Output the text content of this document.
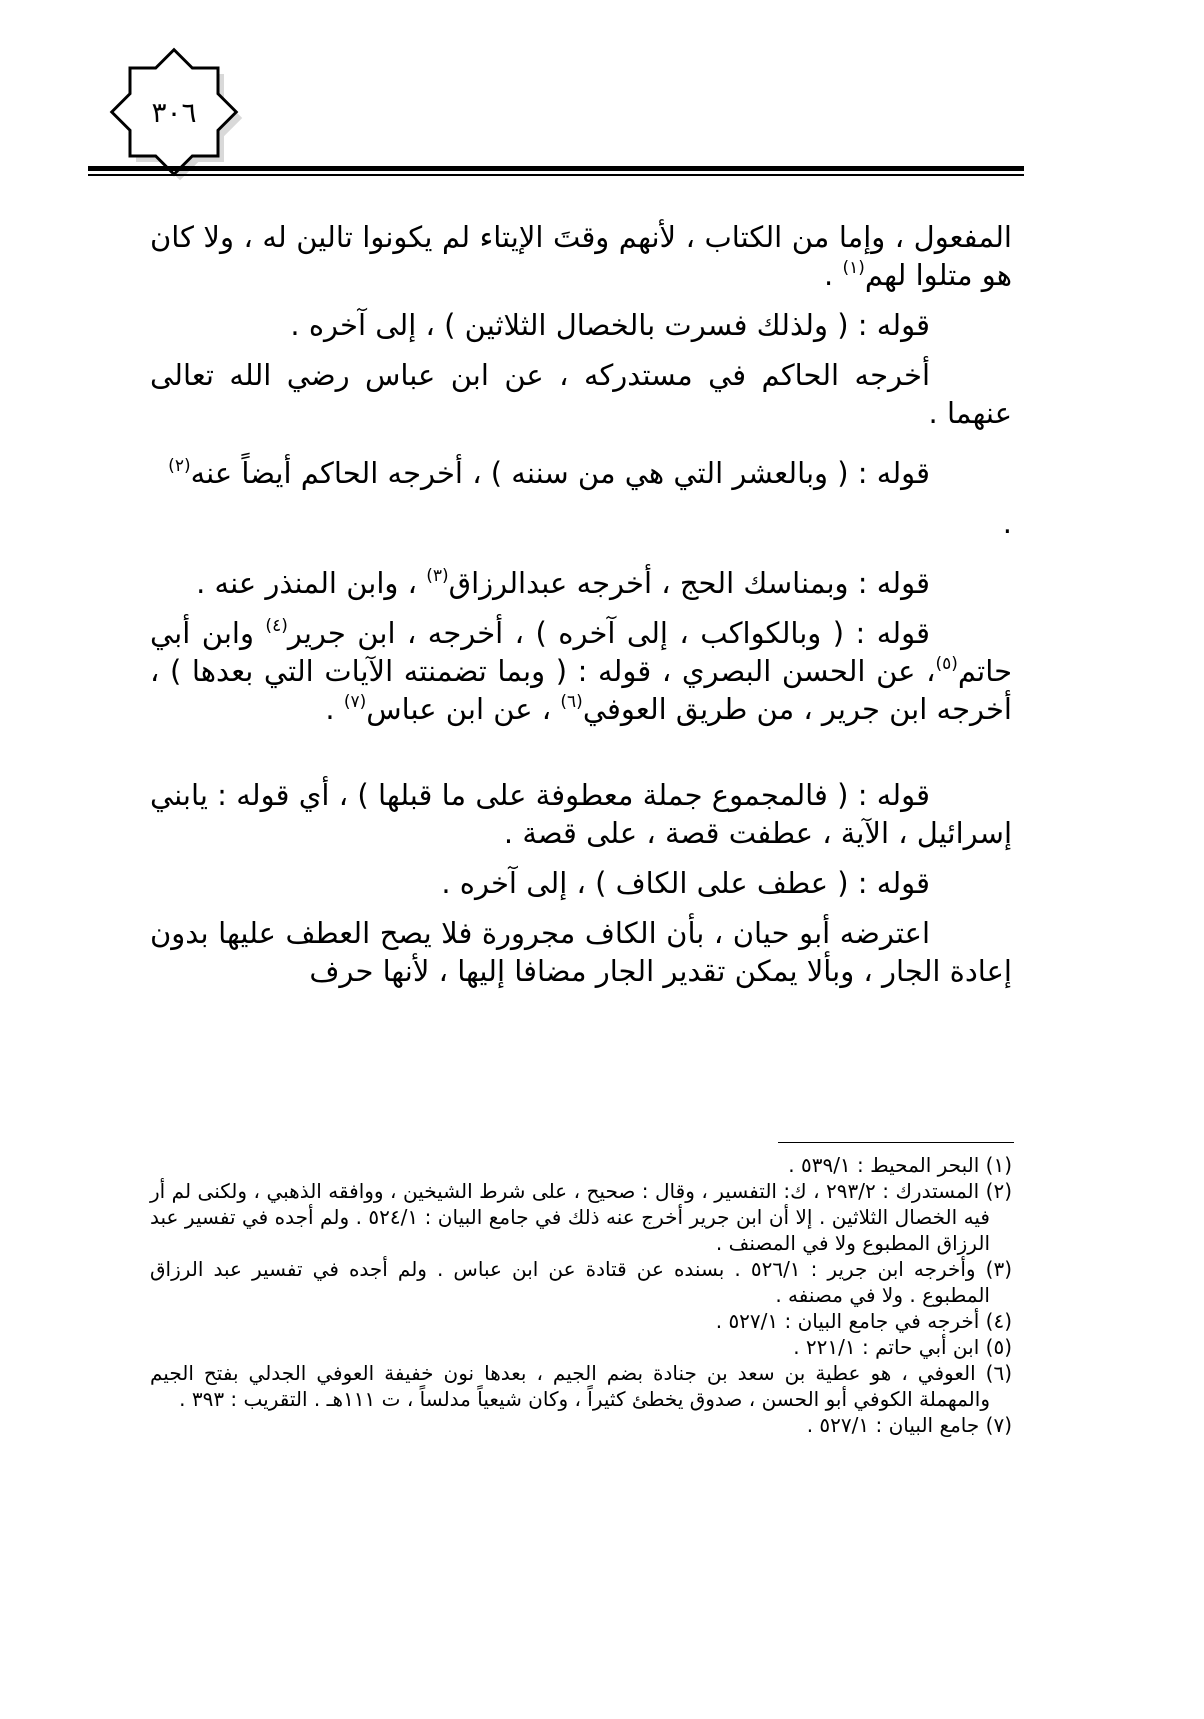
٣٠٦

المفعول ، وإما من الكتاب ، لأنهم وقتَ الإيتاء لم يكونوا تالين له ، ولا كان هو متلوا لهم$^{(١)}$ .

قوله : ( ولذلك فسرت بالخصال الثلاثين ) ، إلى آخره .

أخرجه الحاكم في مستدركه ، عن ابن عباس رضي الله تعالى عنهما .

قوله : ( وبالعشر التي هي من سننه ) ، أخرجه الحاكم أيضاً عنه$^{(٢)}$

.

قوله : وبمناسك الحج ، أخرجه عبدالرزاق$^{(٣)}$ ، وابن المنذر عنه .

قوله : ( وبالكواكب ، إلى آخره ) ، أخرجه ، ابن جرير$^{(٤)}$ وابن أبي حاتم$^{(٥)}$، عن الحسن البصري ، قوله : ( وبما تضمنته الآيات التي بعدها ) ، أخرجه ابن جرير ، من طريق العوفي$^{(٦)}$ ، عن ابن عباس$^{(٧)}$ .

قوله : ( فالمجموع جملة معطوفة على ما قبلها ) ، أي قوله : يابني إسرائيل ، الآية ، عطفت قصة ، على قصة .

قوله : ( عطف على الكاف ) ، إلى آخره .

اعترضه أبو حيان ، بأن الكاف مجرورة فلا يصح العطف عليها بدون إعادة الجار ، وبألا يمكن تقدير الجار مضافا إليها ، لأنها حرف

(١) البحر المحيط : ٥٣٩/١ .

(٢) المستدرك : ٢٩٣/٢ ، ك: التفسير ، وقال : صحيح ، على شرط الشيخين ، ووافقه الذهبي ، ولكنى لم أر فيه الخصال الثلاثين . إلا أن ابن جرير أخرج عنه ذلك في جامع البيان : ٥٢٤/١ . ولم أجده في تفسير عبد الرزاق المطبوع ولا في المصنف .

(٣) وأخرجه ابن جرير : ٥٢٦/١ . بسنده عن قتادة عن ابن عباس . ولم أجده في تفسير عبد الرزاق المطبوع . ولا في مصنفه .

(٤) أخرجه في جامع البيان : ٥٢٧/١ .

(٥) ابن أبي حاتم : ٢٢١/١ .

(٦) العوفي ، هو عطية بن سعد بن جنادة بضم الجيم ، بعدها نون خفيفة العوفي الجدلي بفتح الجيم والمهملة الكوفي أبو الحسن ، صدوق يخطئ كثيراً ، وكان شيعياً مدلساً ، ت ١١١هـ . التقريب : ٣٩٣ .

(٧) جامع البيان : ٥٢٧/١ .
